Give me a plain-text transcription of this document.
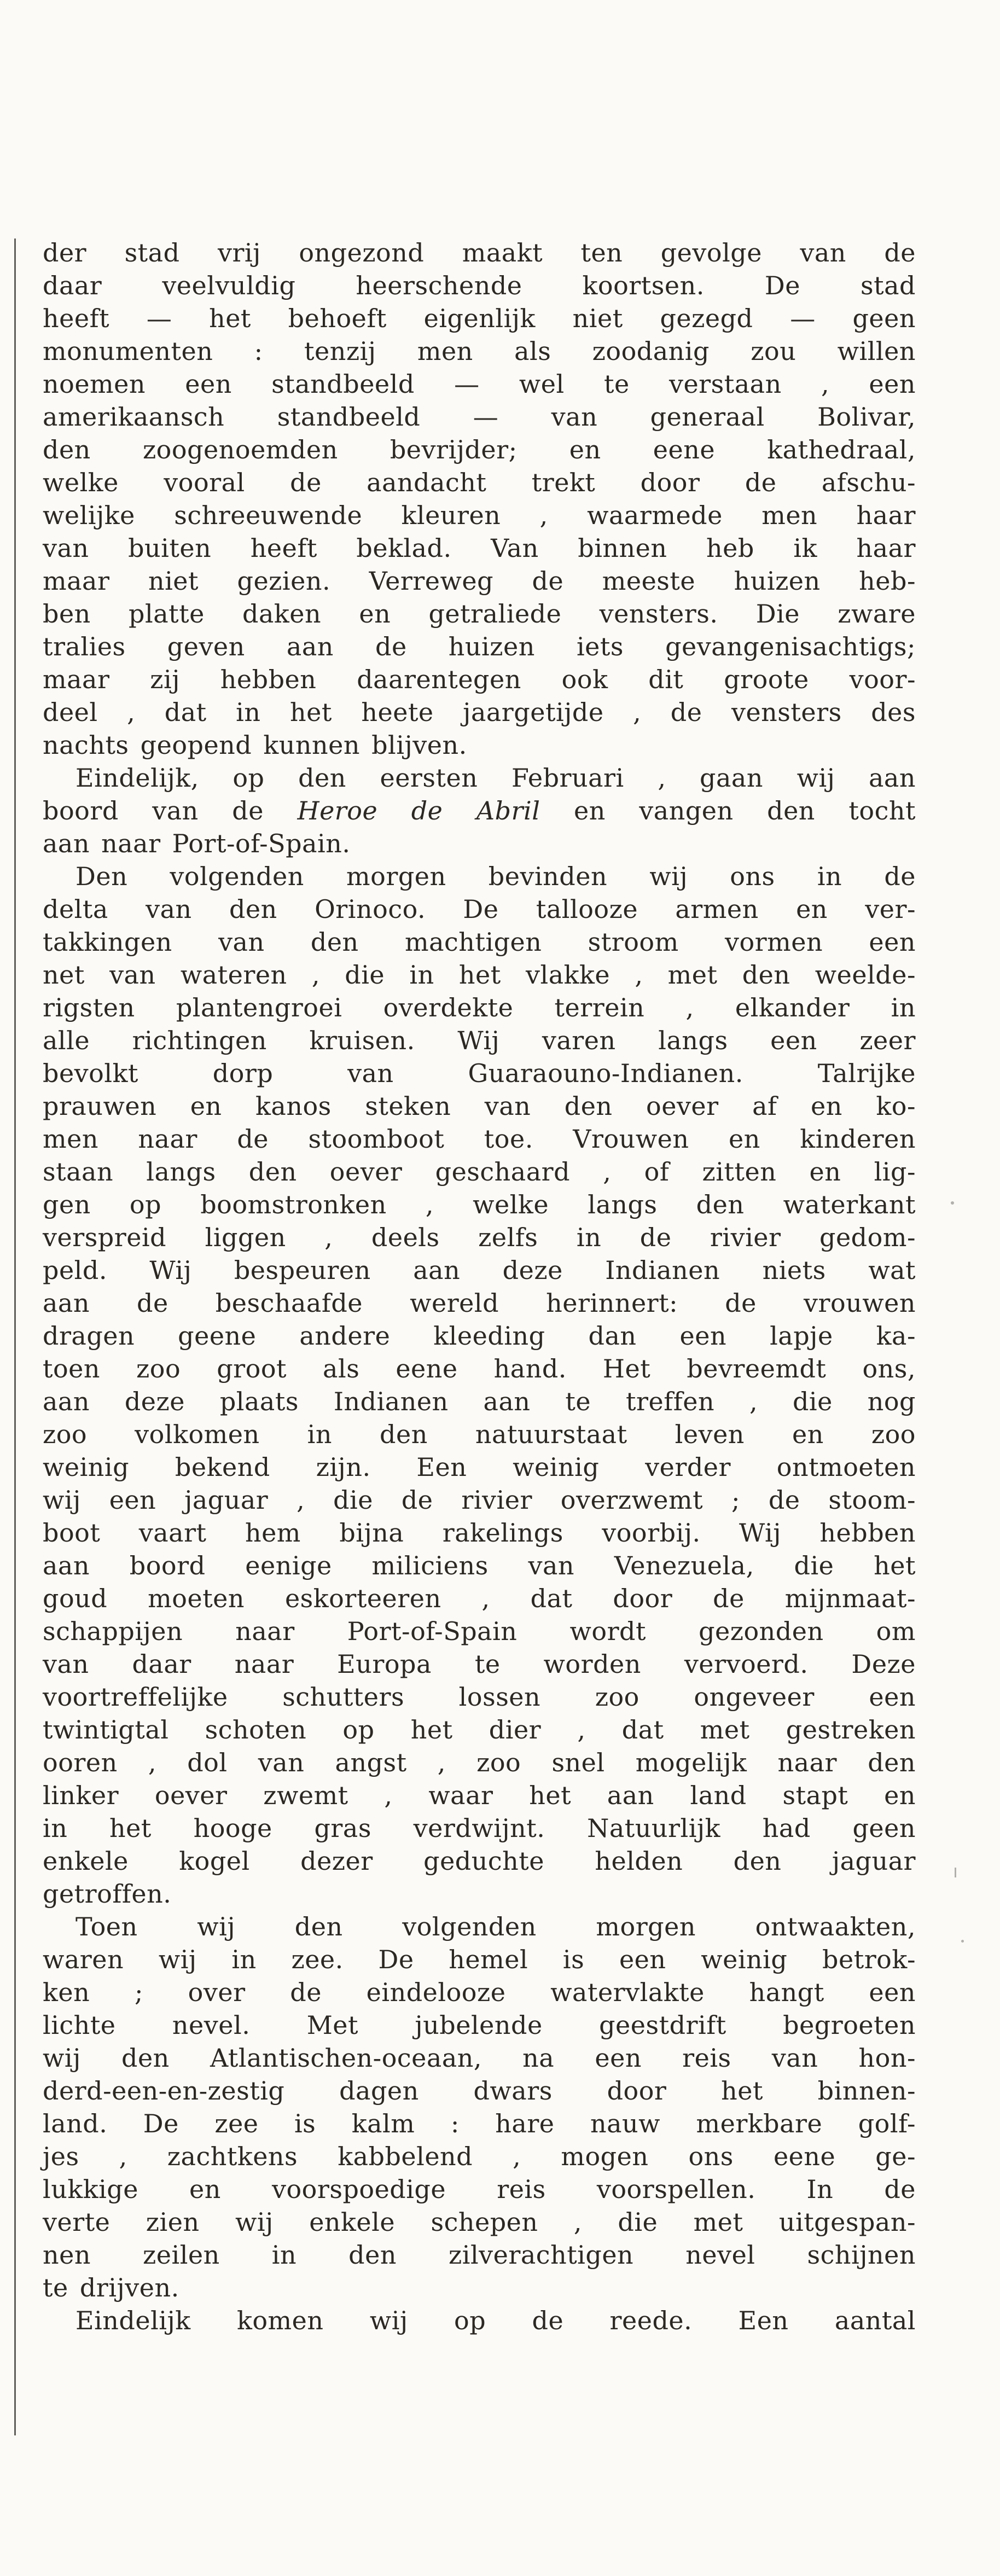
der stad vrij ongezond maakt ten gevolge van de
daar veelvuldig heerschende koortsen. De stad
heeft — het behoeft eigenlijk niet gezegd — geen
monumenten : tenzij men als zoodanig zou willen
noemen een standbeeld — wel te verstaan , een
amerikaansch standbeeld — van generaal Bolivar,
den zoogenoemden bevrijder; en eene kathedraal,
welke vooral de aandacht trekt door de afschu-
welijke schreeuwende kleuren , waarmede men haar
van buiten heeft beklad. Van binnen heb ik haar
maar niet gezien. Verreweg de meeste huizen heb-
ben platte daken en getraliede vensters. Die zware
tralies geven aan de huizen iets gevangenisachtigs;
maar zij hebben daarentegen ook dit groote voor-
deel , dat in het heete jaargetijde , de vensters des
nachts geopend kunnen blijven.
Eindelijk, op den eersten Februari , gaan wij aan
boord van de Heroe de Abril en vangen den tocht
aan naar Port-of-Spain.
Den volgenden morgen bevinden wij ons in de
delta van den Orinoco. De tallooze armen en ver-
takkingen van den machtigen stroom vormen een
net van wateren , die in het vlakke , met den weelde-
rigsten plantengroei overdekte terrein , elkander in
alle richtingen kruisen. Wij varen langs een zeer
bevolkt dorp van Guaraouno-Indianen. Talrijke
prauwen en kanos steken van den oever af en ko-
men naar de stoomboot toe. Vrouwen en kinderen
staan langs den oever geschaard , of zitten en lig-
gen op boomstronken , welke langs den waterkant
verspreid liggen , deels zelfs in de rivier gedom-
peld. Wij bespeuren aan deze Indianen niets wat
aan de beschaafde wereld herinnert: de vrouwen
dragen geene andere kleeding dan een lapje ka-
toen zoo groot als eene hand. Het bevreemdt ons,
aan deze plaats Indianen aan te treffen , die nog
zoo volkomen in den natuurstaat leven en zoo
weinig bekend zijn. Een weinig verder ontmoeten
wij een jaguar , die de rivier overzwemt ; de stoom-
boot vaart hem bijna rakelings voorbij. Wij hebben
aan boord eenige miliciens van Venezuela, die het
goud moeten eskorteeren , dat door de mijnmaat-
schappijen naar Port-of-Spain wordt gezonden om
van daar naar Europa te worden vervoerd. Deze
voortreffelijke schutters lossen zoo ongeveer een
twintigtal schoten op het dier , dat met gestreken
ooren , dol van angst , zoo snel mogelijk naar den
linker oever zwemt , waar het aan land stapt en
in het hooge gras verdwijnt. Natuurlijk had geen
enkele kogel dezer geduchte helden den jaguar
getroffen.
Toen wij den volgenden morgen ontwaakten,
waren wij in zee. De hemel is een weinig betrok-
ken ; over de eindelooze watervlakte hangt een
lichte nevel. Met jubelende geestdrift begroeten
wij den Atlantischen-oceaan, na een reis van hon-
derd-een-en-zestig dagen dwars door het binnen-
land. De zee is kalm : hare nauw merkbare golf-
jes , zachtkens kabbelend , mogen ons eene ge-
lukkige en voorspoedige reis voorspellen. In de
verte zien wij enkele schepen , die met uitgespan-
nen zeilen in den zilverachtigen nevel schijnen
te drijven.
Eindelijk komen wij op de reede. Een aantal
